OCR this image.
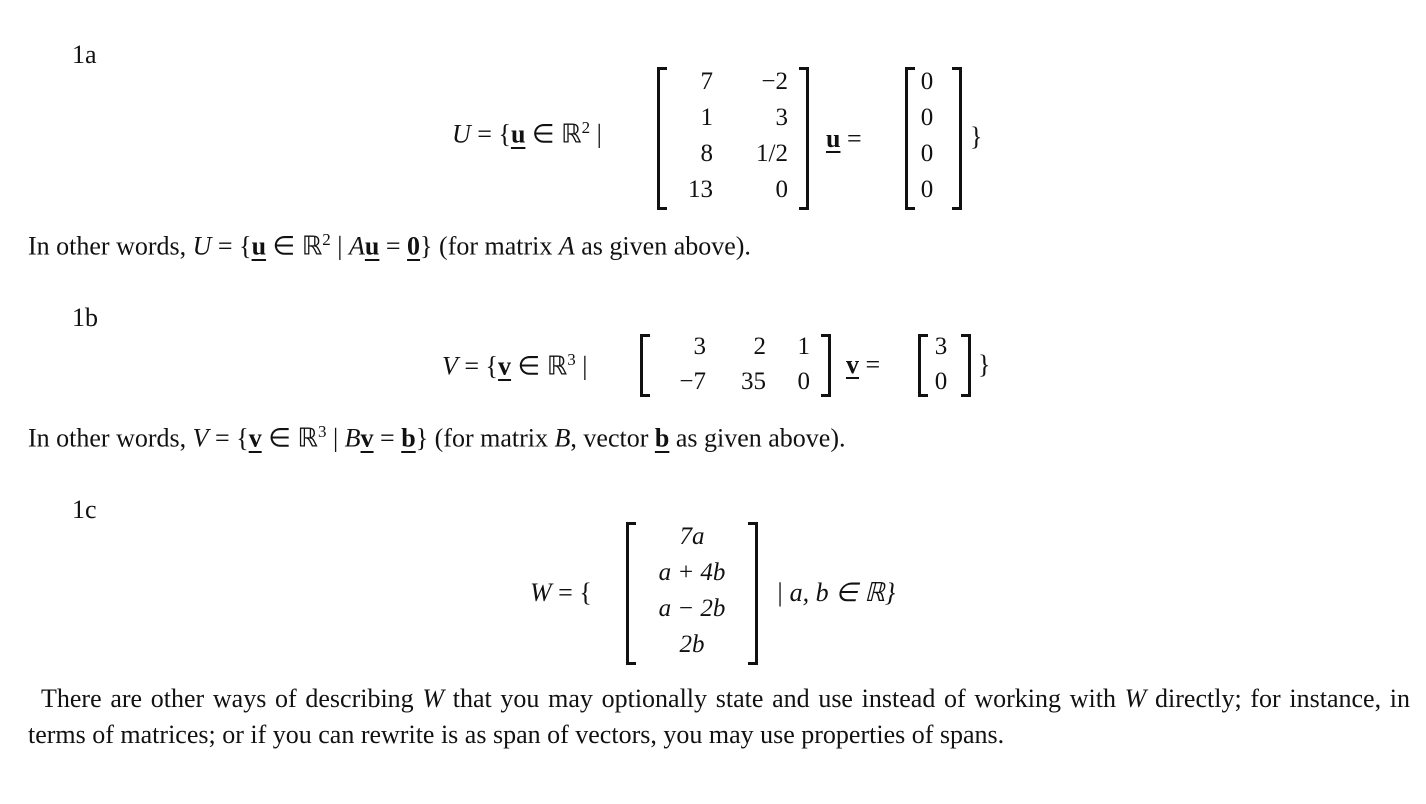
1a
U = {u ∈ ℝ$^2$ |
7	−2
1	3
8	1/2
13	0
u =
0
0
0
0
}
In other words, U = {u ∈ ℝ$^2$ | Au = 0} (for matrix A as given above).
1b
V = {v ∈ ℝ$^3$ |
3	2	1
−7	35	0
v =
3
0
}
In other words, V = {v ∈ ℝ$^3$ | Bv = b} (for matrix B, vector b as given above).
1c
W = {
7a
a + 4b
a − 2b
2b
| a, b ∈ ℝ}
There are other ways of describing W that you may optionally state and use instead of working with W directly; for instance, in terms of matrices; or if you can rewrite is as span of vectors, you may use properties of spans.
